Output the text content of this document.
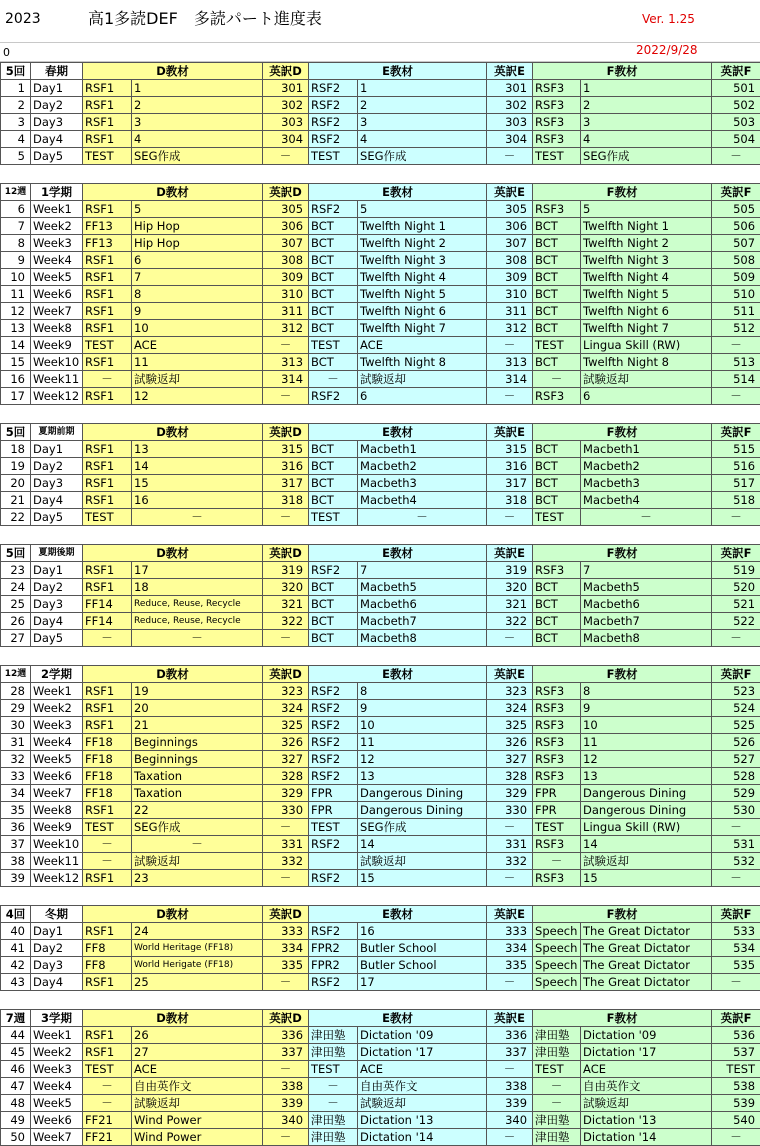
2023	高1多読DEF　多読パート進度表	Ver. 1.25
0	2022/9/28
5回	春期	D教材		英訳D	E教材		英訳E	F教材		英訳F
1	Day1	RSF1	1	301	RSF2	1	301	RSF3	1	501
2	Day2	RSF1	2	302	RSF2	2	302	RSF3	2	502
3	Day3	RSF1	3	303	RSF2	3	303	RSF3	3	503
4	Day4	RSF1	4	304	RSF2	4	304	RSF3	4	504
5	Day5	TEST	SEG作成	－	TEST	SEG作成	－	TEST	SEG作成	－

12週	1学期	D教材		英訳D	E教材		英訳E	F教材		英訳F
6	Week1	RSF1	5	305	RSF2	5	305	RSF3	5	505
7	Week2	FF13	Hip Hop	306	BCT	Twelfth Night 1	306	BCT	Twelfth Night 1	506
8	Week3	FF13	Hip Hop	307	BCT	Twelfth Night 2	307	BCT	Twelfth Night 2	507
9	Week4	RSF1	6	308	BCT	Twelfth Night 3	308	BCT	Twelfth Night 3	508
10	Week5	RSF1	7	309	BCT	Twelfth Night 4	309	BCT	Twelfth Night 4	509
11	Week6	RSF1	8	310	BCT	Twelfth Night 5	310	BCT	Twelfth Night 5	510
12	Week7	RSF1	9	311	BCT	Twelfth Night 6	311	BCT	Twelfth Night 6	511
13	Week8	RSF1	10	312	BCT	Twelfth Night 7	312	BCT	Twelfth Night 7	512
14	Week9	TEST	ACE	－	TEST	ACE	－	TEST	Lingua Skill (RW)	－
15	Week10	RSF1	11	313	BCT	Twelfth Night 8	313	BCT	Twelfth Night 8	513
16	Week11	－	試験返却	314	－	試験返却	314	－	試験返却	514
17	Week12	RSF1	12	－	RSF2	6	－	RSF3	6	－

5回	夏期前期	D教材		英訳D	E教材		英訳E	F教材		英訳F
18	Day1	RSF1	13	315	BCT	Macbeth1	315	BCT	Macbeth1	515
19	Day2	RSF1	14	316	BCT	Macbeth2	316	BCT	Macbeth2	516
20	Day3	RSF1	15	317	BCT	Macbeth3	317	BCT	Macbeth3	517
21	Day4	RSF1	16	318	BCT	Macbeth4	318	BCT	Macbeth4	518
22	Day5	TEST	－	－	TEST	－	－	TEST	－	－

5回	夏期後期	D教材		英訳D	E教材		英訳E	F教材		英訳F
23	Day1	RSF1	17	319	RSF2	7	319	RSF3	7	519
24	Day2	RSF1	18	320	BCT	Macbeth5	320	BCT	Macbeth5	520
25	Day3	FF14	Reduce, Reuse, Recycle	321	BCT	Macbeth6	321	BCT	Macbeth6	521
26	Day4	FF14	Reduce, Reuse, Recycle	322	BCT	Macbeth7	322	BCT	Macbeth7	522
27	Day5	－	－	－	BCT	Macbeth8	－	BCT	Macbeth8	－

12週	2学期	D教材		英訳D	E教材		英訳E	F教材		英訳F
28	Week1	RSF1	19	323	RSF2	8	323	RSF3	8	523
29	Week2	RSF1	20	324	RSF2	9	324	RSF3	9	524
30	Week3	RSF1	21	325	RSF2	10	325	RSF3	10	525
31	Week4	FF18	Beginnings	326	RSF2	11	326	RSF3	11	526
32	Week5	FF18	Beginnings	327	RSF2	12	327	RSF3	12	527
33	Week6	FF18	Taxation	328	RSF2	13	328	RSF3	13	528
34	Week7	FF18	Taxation	329	FPR	Dangerous Dining	329	FPR	Dangerous Dining	529
35	Week8	RSF1	22	330	FPR	Dangerous Dining	330	FPR	Dangerous Dining	530
36	Week9	TEST	SEG作成	－	TEST	SEG作成	－	TEST	Lingua Skill (RW)	－
37	Week10	－	－	331	RSF2	14	331	RSF3	14	531
38	Week11	－	試験返却	332		試験返却	332	－	試験返却	532
39	Week12	RSF1	23	－	RSF2	15	－	RSF3	15	－

4回	冬期	D教材		英訳D	E教材		英訳E	F教材		英訳F
40	Day1	RSF1	24	333	RSF2	16	333	Speech	The Great Dictator	533
41	Day2	FF8	World Heritage (FF18)	334	FPR2	Butler School	334	Speech	The Great Dictator	534
42	Day3	FF8	World Herigate (FF18)	335	FPR2	Butler School	335	Speech	The Great Dictator	535
43	Day4	RSF1	25	－	RSF2	17	－	Speech	The Great Dictator	－

7週	3学期	D教材		英訳D	E教材		英訳E	F教材		英訳F
44	Week1	RSF1	26	336	津田塾	Dictation '09	336	津田塾	Dictation '09	536
45	Week2	RSF1	27	337	津田塾	Dictation '17	337	津田塾	Dictation '17	537
46	Week3	TEST	ACE	－	TEST	ACE	－	TEST	ACE	TEST
47	Week4	－	自由英作文	338	－	自由英作文	338	－	自由英作文	538
48	Week5	－	試験返却	339	－	試験返却	339	－	試験返却	539
49	Week6	FF21	Wind Power	340	津田塾	Dictation '13	340	津田塾	Dictation '13	540
50	Week7	FF21	Wind Power	－	津田塾	Dictation '14	－	津田塾	Dictation '14	－
